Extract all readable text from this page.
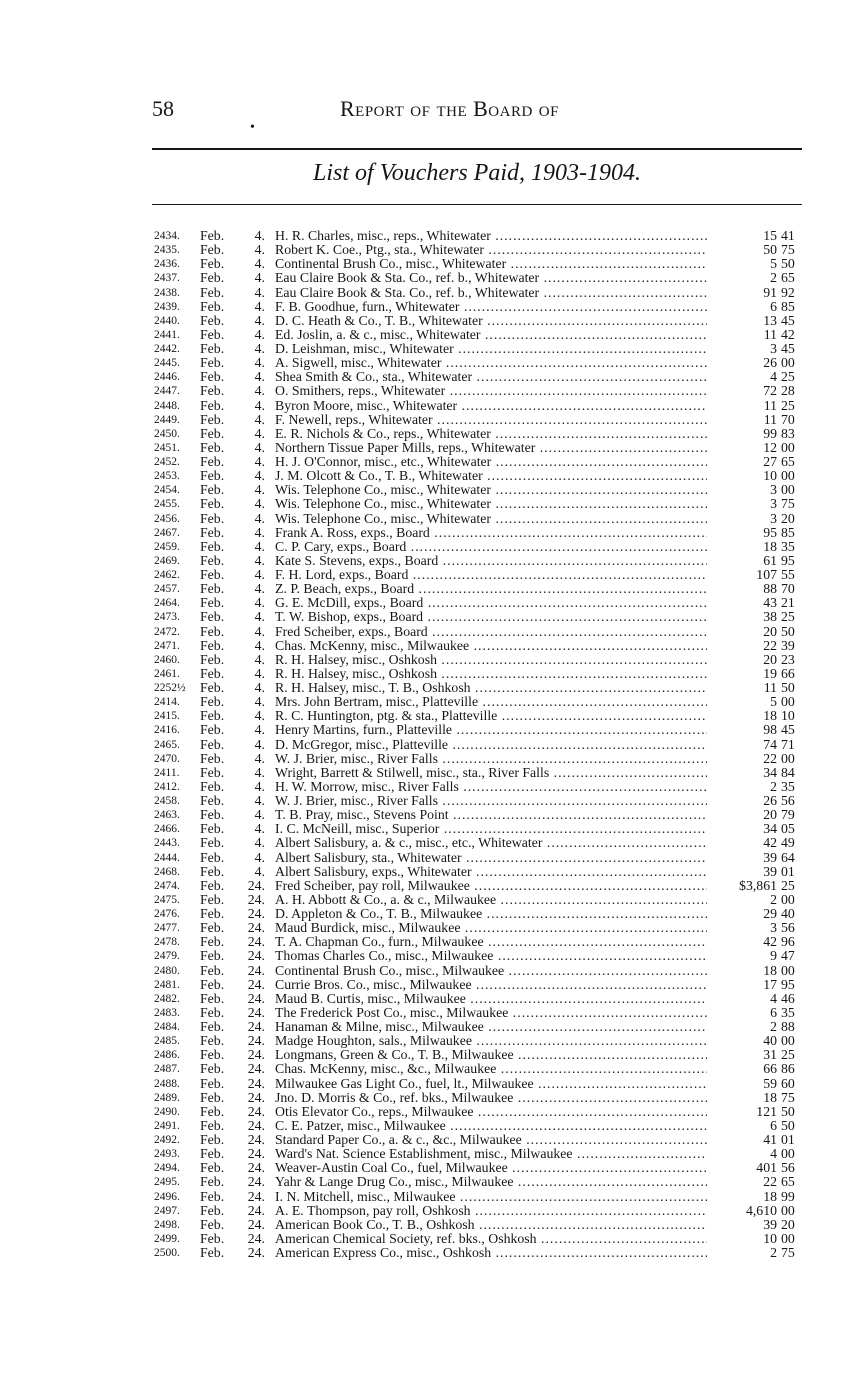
58	Report of the Board of
•
List of Vouchers Paid, 1903-1904.
2434.	Feb.	4. H. R. Charles, misc., reps., Whitewater .....	15 41
2435.	Feb.	4. Robert K. Coe., Ptg., sta., Whitewater .....	50 75
2436.	Feb.	4. Continental Brush Co., misc., Whitewater .....	5 50
2437.	Feb.	4. Eau Claire Book & Sta. Co., ref. b., Whitewater .....	2 65
2438.	Feb.	4. Eau Claire Book & Sta. Co., ref. b., Whitewater .....	91 92
2439.	Feb.	4. F. B. Goodhue, furn., Whitewater .....	6 85
2440.	Feb.	4. D. C. Heath & Co., T. B., Whitewater .....	13 45
2441.	Feb.	4. Ed. Joslin, a. & c., misc., Whitewater .....	11 42
2442.	Feb.	4. D. Leishman, misc., Whitewater .....	3 45
2445.	Feb.	4. A. Sigwell, misc., Whitewater .....	26 00
2446.	Feb.	4. Shea Smith & Co., sta., Whitewater .....	4 25
2447.	Feb.	4. O. Smithers, reps., Whitewater .....	72 28
2448.	Feb.	4. Byron Moore, misc., Whitewater .....	11 25
2449.	Feb.	4. F. Newell, reps., Whitewater .....	11 70
2450.	Feb.	4. E. R. Nichols & Co., reps., Whitewater .....	99 83
2451.	Feb.	4. Northern Tissue Paper Mills, reps., Whitewater .....	12 00
2452.	Feb.	4. H. J. O'Connor, misc., etc., Whitewater .....	27 65
2453.	Feb.	4. J. M. Olcott & Co., T. B., Whitewater .....	10 00
2454.	Feb.	4. Wis. Telephone Co., misc., Whitewater .....	3 00
2455.	Feb.	4. Wis. Telephone Co., misc., Whitewater .....	3 75
2456.	Feb.	4. Wis. Telephone Co., misc., Whitewater .....	3 20
2467.	Feb.	4. Frank A. Ross, exps., Board .....	95 85
2459.	Feb.	4. C. P. Cary, exps., Board .....	18 35
2469.	Feb.	4. Kate S. Stevens, exps., Board .....	61 95
2462.	Feb.	4. F. H. Lord, exps., Board .....	107 55
2457.	Feb.	4. Z. P. Beach, exps., Board .....	88 70
2464.	Feb.	4. G. E. McDill, exps., Board .....	43 21
2473.	Feb.	4. T. W. Bishop, exps., Board .....	38 25
2472.	Feb.	4. Fred Scheiber, exps., Board .....	20 50
2471.	Feb.	4. Chas. McKenny, misc., Milwaukee .....	22 39
2460.	Feb.	4. R. H. Halsey, misc., Oshkosh .....	20 23
2461.	Feb.	4. R. H. Halsey, misc., Oshkosh .....	19 66
2252½	Feb.	4. R. H. Halsey, misc., T. B., Oshkosh .....	11 50
2414.	Feb.	4. Mrs. John Bertram, misc., Platteville .....	5 00
2415.	Feb.	4. R. C. Huntington, ptg. & sta., Platteville .....	18 10
2416.	Feb.	4. Henry Martins, furn., Platteville .....	98 45
2465.	Feb.	4. D. McGregor, misc., Platteville .....	74 71
2470.	Feb.	4. W. J. Brier, misc., River Falls .....	22 00
2411.	Feb.	4. Wright, Barrett & Stilwell, misc., sta., River Falls .....	34 84
2412.	Feb.	4. H. W. Morrow, misc., River Falls .....	2 35
2458.	Feb.	4. W. J. Brier, misc., River Falls .....	26 56
2463.	Feb.	4. T. B. Pray, misc., Stevens Point .....	20 79
2466.	Feb.	4. I. C. McNeill, misc., Superior .....	34 05
2443.	Feb.	4. Albert Salisbury, a. & c., misc., etc., Whitewater .....	42 49
2444.	Feb.	4. Albert Salisbury, sta., Whitewater .....	39 64
2468.	Feb.	4. Albert Salisbury, exps., Whitewater .....	39 01
2474.	Feb. 24. Fred Scheiber, pay roll, Milwaukee .....	$3,861 25
2475.	Feb. 24. A. H. Abbott & Co., a. & c., Milwaukee .....	2 00
2476.	Feb. 24. D. Appleton & Co., T. B., Milwaukee .....	29 40
2477.	Feb. 24. Maud Burdick, misc., Milwaukee .....	3 56
2478.	Feb. 24. T. A. Chapman Co., furn., Milwaukee .....	42 96
2479.	Feb. 24. Thomas Charles Co., misc., Milwaukee .....	9 47
2480.	Feb. 24. Continental Brush Co., misc., Milwaukee .....	18 00
2481.	Feb. 24. Currie Bros. Co., misc., Milwaukee .....	17 95
2482.	Feb. 24. Maud B. Curtis, misc., Milwaukee .....	4 46
2483.	Feb. 24. The Frederick Post Co., misc., Milwaukee .....	6 35
2484.	Feb. 24. Hanaman & Milne, misc., Milwaukee .....	2 88
2485.	Feb. 24. Madge Houghton, sals., Milwaukee .....	40 00
2486.	Feb. 24. Longmans, Green & Co., T. B., Milwaukee .....	31 25
2487.	Feb. 24. Chas. McKenny, misc., &c., Milwaukee .....	66 86
2488.	Feb. 24. Milwaukee Gas Light Co., fuel, lt., Milwaukee .....	59 60
2489.	Feb. 24. Jno. D. Morris & Co., ref. bks., Milwaukee .....	18 75
2490.	Feb. 24. Otis Elevator Co., reps., Milwaukee .....	121 50
2491.	Feb. 24. C. E. Patzer, misc., Milwaukee .....	6 50
2492.	Feb. 24. Standard Paper Co., a. & c., &c., Milwaukee .....	41 01
2493.	Feb. 24. Ward's Nat. Science Establishment, misc., Milwaukee .....	4 00
2494.	Feb. 24. Weaver-Austin Coal Co., fuel, Milwaukee .....	401 56
2495.	Feb. 24. Yahr & Lange Drug Co., misc., Milwaukee .....	22 65
2496.	Feb. 24. I. N. Mitchell, misc., Milwaukee .....	18 99
2497.	Feb. 24. A. E. Thompson, pay roll, Oshkosh .....	4,610 00
2498.	Feb. 24. American Book Co., T. B., Oshkosh .....	39 20
2499.	Feb. 24. American Chemical Society, ref. bks., Oshkosh .....	10 00
2500.	Feb. 24. American Express Co., misc., Oshkosh .....	2 75
